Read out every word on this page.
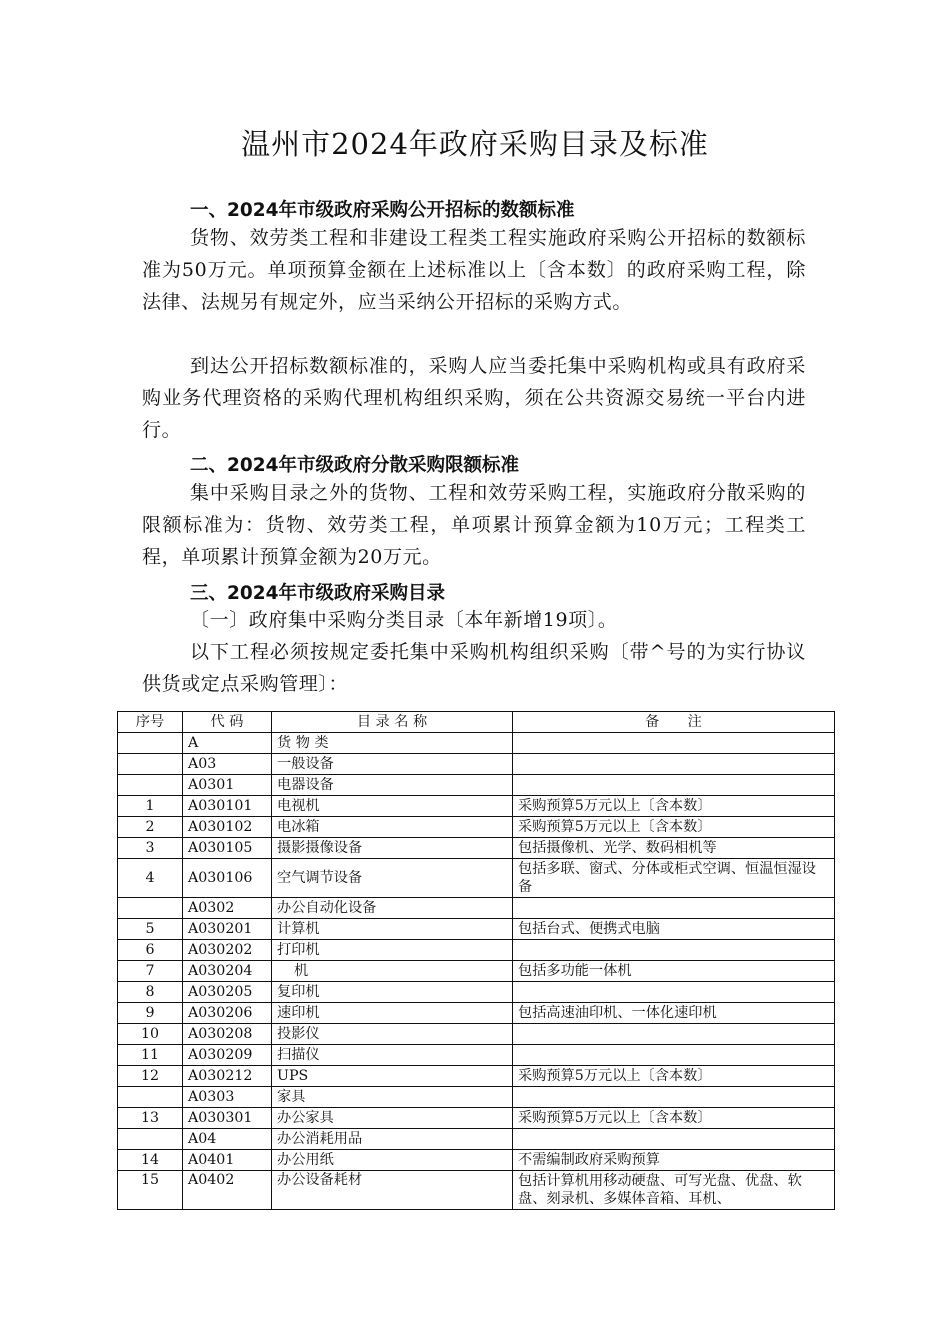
温州市2024年政府采购目录及标准
一、2024年市级政府采购公开招标的数额标准

货物、效劳类工程和非建设工程类工程实施政府采购公开招标的数额标准为50万元。单项预算金额在上述标准以上〔含本数〕的政府采购工程，除法律、法规另有规定外，应当采纳公开招标的采购方式。

到达公开招标数额标准的，采购人应当委托集中采购机构或具有政府采购业务代理资格的采购代理机构组织采购，须在公共资源交易统一平台内进行。

二、2024年市级政府分散采购限额标准

集中采购目录之外的货物、工程和效劳采购工程，实施政府分散采购的限额标准为：货物、效劳类工程，单项累计预算金额为10万元；工程类工程，单项累计预算金额为20万元。

三、2024年市级政府采购目录

〔一〕政府集中采购分类目录〔本年新增19项〕。

以下工程必须按规定委托集中采购机构组织采购〔带^号的为实行协议供货或定点采购管理〕：

序号	代 码	目 录 名 称	备　　注
	A	货 物 类	
	A03	一般设备	
	A0301	电器设备	
1	A030101	电视机	采购预算5万元以上〔含本数〕
2	A030102	电冰箱	采购预算5万元以上〔含本数〕
3	A030105	摄影摄像设备	包括摄像机、光学、数码相机等
4	A030106	空气调节设备	包括多联、窗式、分体或柜式空调、恒温恒湿设备
	A0302	办公自动化设备	
5	A030201	计算机	包括台式、便携式电脑
6	A030202	打印机	
7	A030204	机	包括多功能一体机
8	A030205	复印机	
9	A030206	速印机	包括高速油印机、一体化速印机
10	A030208	投影仪	
11	A030209	扫描仪	
12	A030212	UPS	采购预算5万元以上〔含本数〕
	A0303	家具	
13	A030301	办公家具	采购预算5万元以上〔含本数〕
	A04	办公消耗用品	
14	A0401	办公用纸	不需编制政府采购预算
15	A0402	办公设备耗材	包括计算机用移动硬盘、可写光盘、优盘、软盘、刻录机、多媒体音箱、耳机、
